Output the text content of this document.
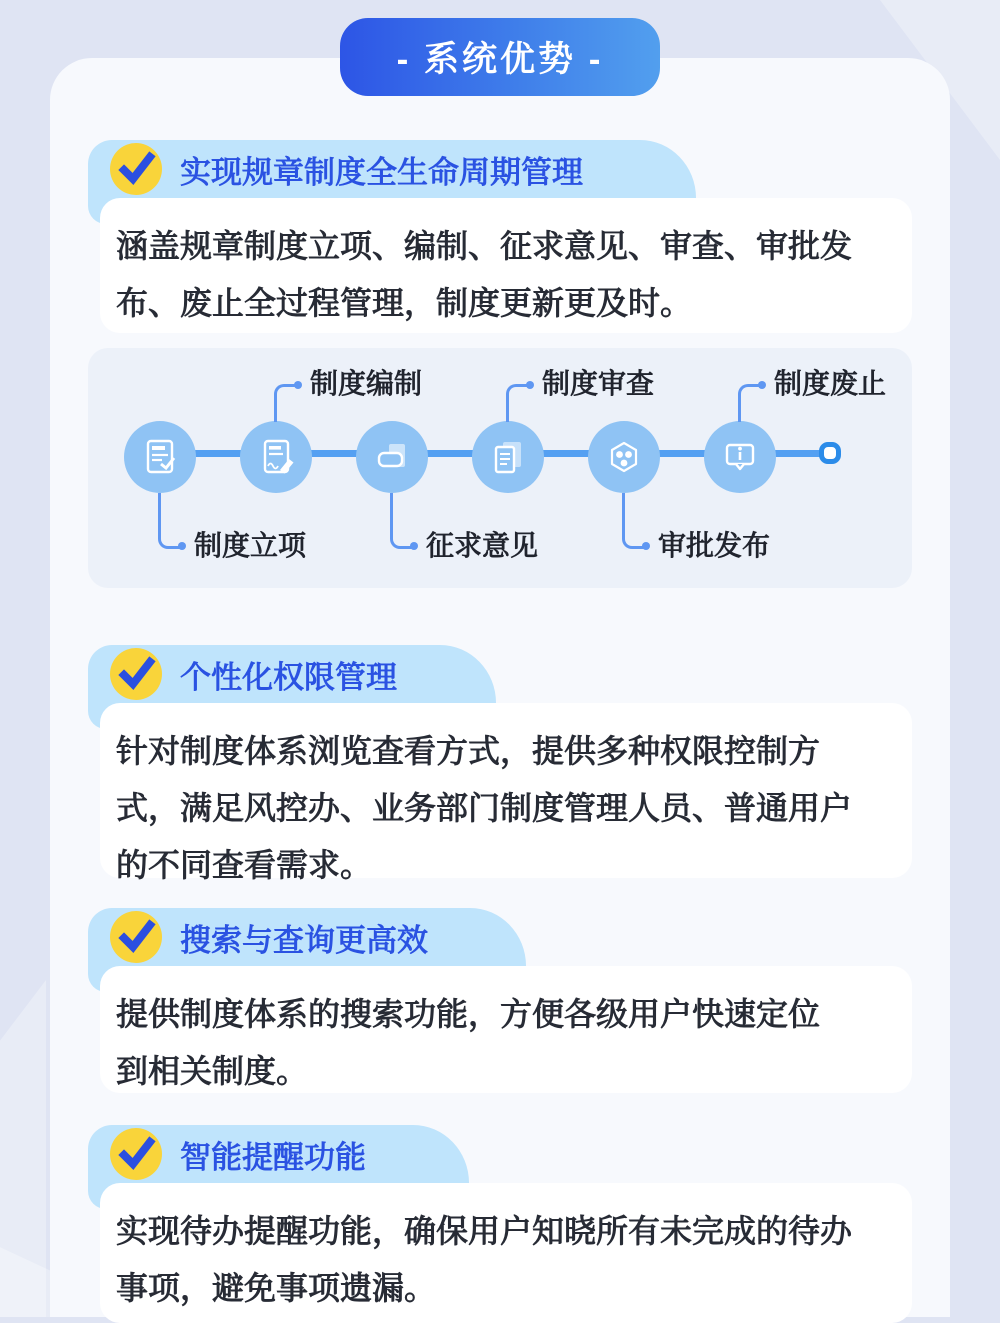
- 系统优势 -
实现规章制度全生命周期管理
涵盖规章制度立项、编制、征求意见、审查、审批发
布、废止全过程管理，制度更新更及时。
制度立项
制度编制
征求意见
制度审查
审批发布
制度废止
个性化权限管理
针对制度体系浏览查看方式，提供多种权限控制方
式，满足风控办、业务部门制度管理人员、普通用户
的不同查看需求。
搜索与查询更高效
提供制度体系的搜索功能，方便各级用户快速定位
到相关制度。
智能提醒功能
实现待办提醒功能，确保用户知晓所有未完成的待办
事项，避免事项遗漏。
